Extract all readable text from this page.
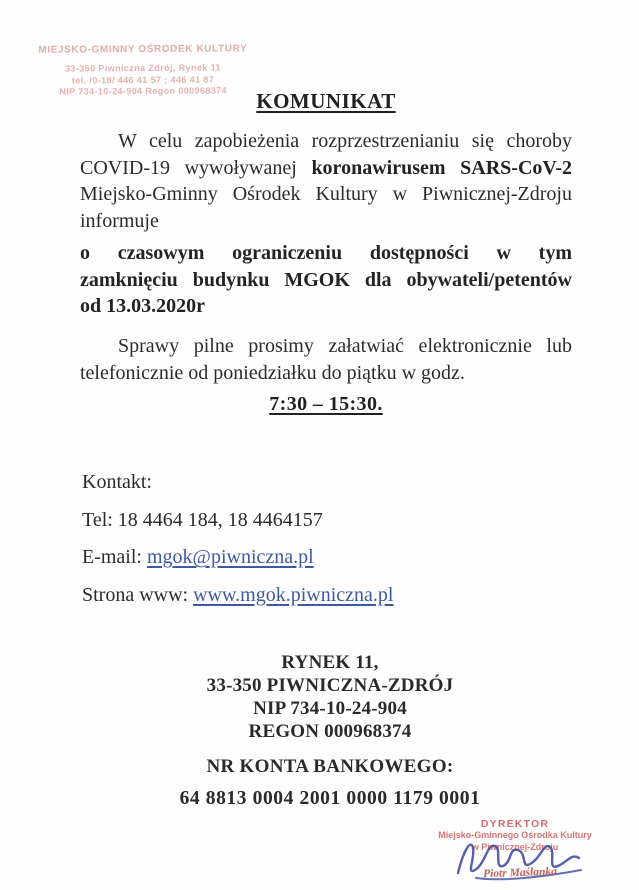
MIEJSKO-GMINNY OŚRODEK KULTURY
33-350 Piwniczna Zdrój, Rynek 11
tel. /0-18/ 446 41 57 ; 446 41 87
NIP 734-10-24-904 Regon 000968374	KOMUNIKAT
W celu zapobieżenia rozprzestrzenianiu się choroby
COVID-19 wywoływanej koronawirusem SARS-CoV-2
Miejsko-Gminny Ośrodek Kultury w Piwnicznej-Zdroju
informuje
o czasowym ograniczeniu dostępności w tym
zamknięciu budynku MGOK dla obywateli/petentów
od 13.03.2020r
Sprawy pilne prosimy załatwiać elektronicznie lub
telefonicznie od poniedziałku do piątku w godz.
7:30 – 15:30.
Kontakt:
Tel: 18 4464 184, 18 4464157
E-mail: mgok@piwniczna.pl
Strona www: www.mgok.piwniczna.pl
RYNEK 11,
33-350 PIWNICZNA-ZDRÓJ
NIP 734-10-24-904
REGON 000968374
NR KONTA BANKOWEGO:
64 8813 0004 2001 0000 1179 0001
DYREKTOR
Miejsko-Gminnego Ośrodka Kultury
w Piwnicznej-Zdroju
Piotr Maślanka
